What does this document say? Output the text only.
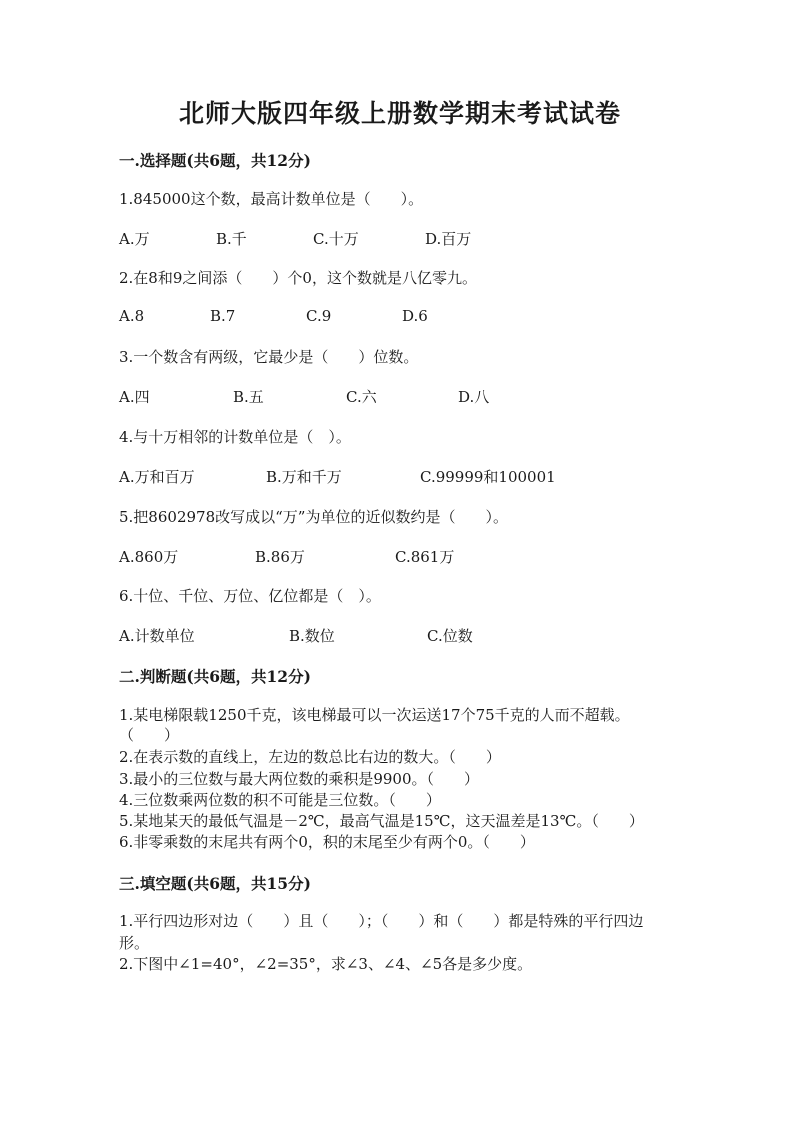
北师大版四年级上册数学期末考试试卷
一.选择题(共6题，共12分)
1.845000这个数，最高计数单位是（　　）。
A.万	B.千	C.十万	D.百万
2.在8和9之间添（　　）个0，这个数就是八亿零九。
A.8	B.7	C.9	D.6
3.一个数含有两级，它最少是（　　）位数。
A.四	B.五	C.六	D.八
4.与十万相邻的计数单位是（　）。
A.万和百万	B.万和千万	C.99999和100001
5.把8602978改写成以“万”为单位的近似数约是（　　）。
A.860万	B.86万	C.861万
6.十位、千位、万位、亿位都是（　）。
A.计数单位	B.数位	C.位数
二.判断题(共6题，共12分)
1.某电梯限载1250千克，该电梯最可以一次运送17个75千克的人而不超载。
（　　）
2.在表示数的直线上，左边的数总比右边的数大。（　　）
3.最小的三位数与最大两位数的乘积是9900。（　　）
4.三位数乘两位数的积不可能是三位数。（　　）
5.某地某天的最低气温是－2℃，最高气温是15℃，这天温差是13℃。（　　）
6.非零乘数的末尾共有两个0，积的末尾至少有两个0。（　　）
三.填空题(共6题，共15分)
1.平行四边形对边（　　）且（　　）；（　　）和（　　）都是特殊的平行四边
形。
2.下图中∠1=40°，∠2=35°，求∠3、∠4、∠5各是多少度。
